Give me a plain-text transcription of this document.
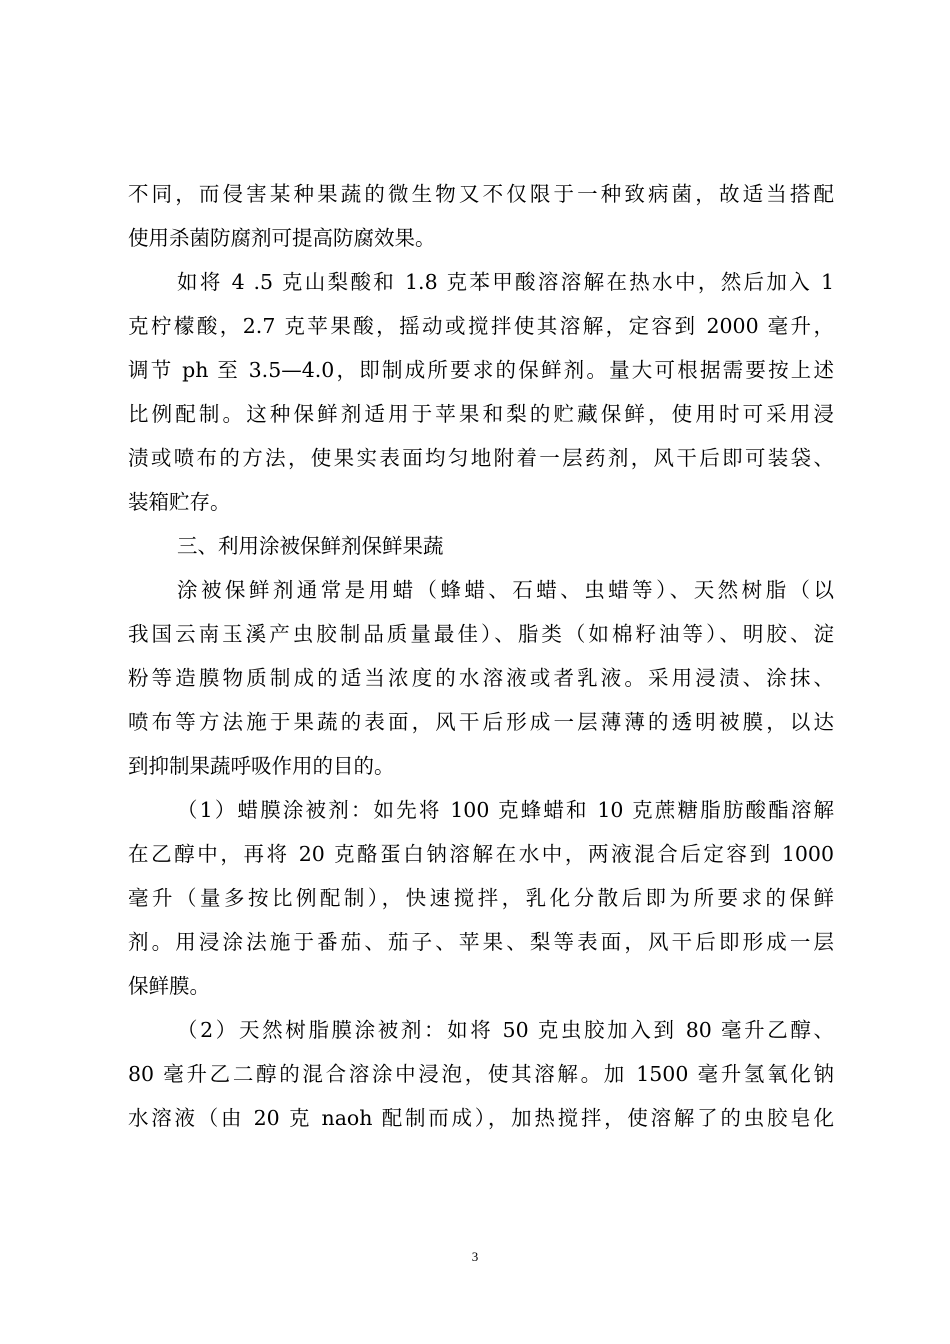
不同，而侵害某种果蔬的微生物又不仅限于一种致病菌，故适当搭配
使用杀菌防腐剂可提高防腐效果。
如将 4 .5 克山梨酸和 1.8 克苯甲酸溶溶解在热水中，然后加入 1
克柠檬酸，2.7 克苹果酸，摇动或搅拌使其溶解，定容到 2000 毫升，
调节 ph 至 3.5—4.0，即制成所要求的保鲜剂。量大可根据需要按上述
比例配制。这种保鲜剂适用于苹果和梨的贮藏保鲜，使用时可采用浸
渍或喷布的方法，使果实表面均匀地附着一层药剂，风干后即可装袋、
装箱贮存。
三、利用涂被保鲜剂保鲜果蔬
涂被保鲜剂通常是用蜡（蜂蜡、石蜡、虫蜡等）、天然树脂（以
我国云南玉溪产虫胶制品质量最佳）、脂类（如棉籽油等）、明胶、淀
粉等造膜物质制成的适当浓度的水溶液或者乳液。采用浸渍、涂抹、
喷布等方法施于果蔬的表面，风干后形成一层薄薄的透明被膜，以达
到抑制果蔬呼吸作用的目的。
（1）蜡膜涂被剂：如先将 100 克蜂蜡和 10 克蔗糖脂肪酸酯溶解
在乙醇中，再将 20 克酪蛋白钠溶解在水中，两液混合后定容到 1000
毫升（量多按比例配制），快速搅拌，乳化分散后即为所要求的保鲜
剂。用浸涂法施于番茄、茄子、苹果、梨等表面，风干后即形成一层
保鲜膜。
（2）天然树脂膜涂被剂：如将 50 克虫胶加入到 80 毫升乙醇、
80 毫升乙二醇的混合溶涂中浸泡，使其溶解。加 1500 毫升氢氧化钠
水溶液（由 20 克 naoh 配制而成），加热搅拌，使溶解了的虫胶皂化
3
